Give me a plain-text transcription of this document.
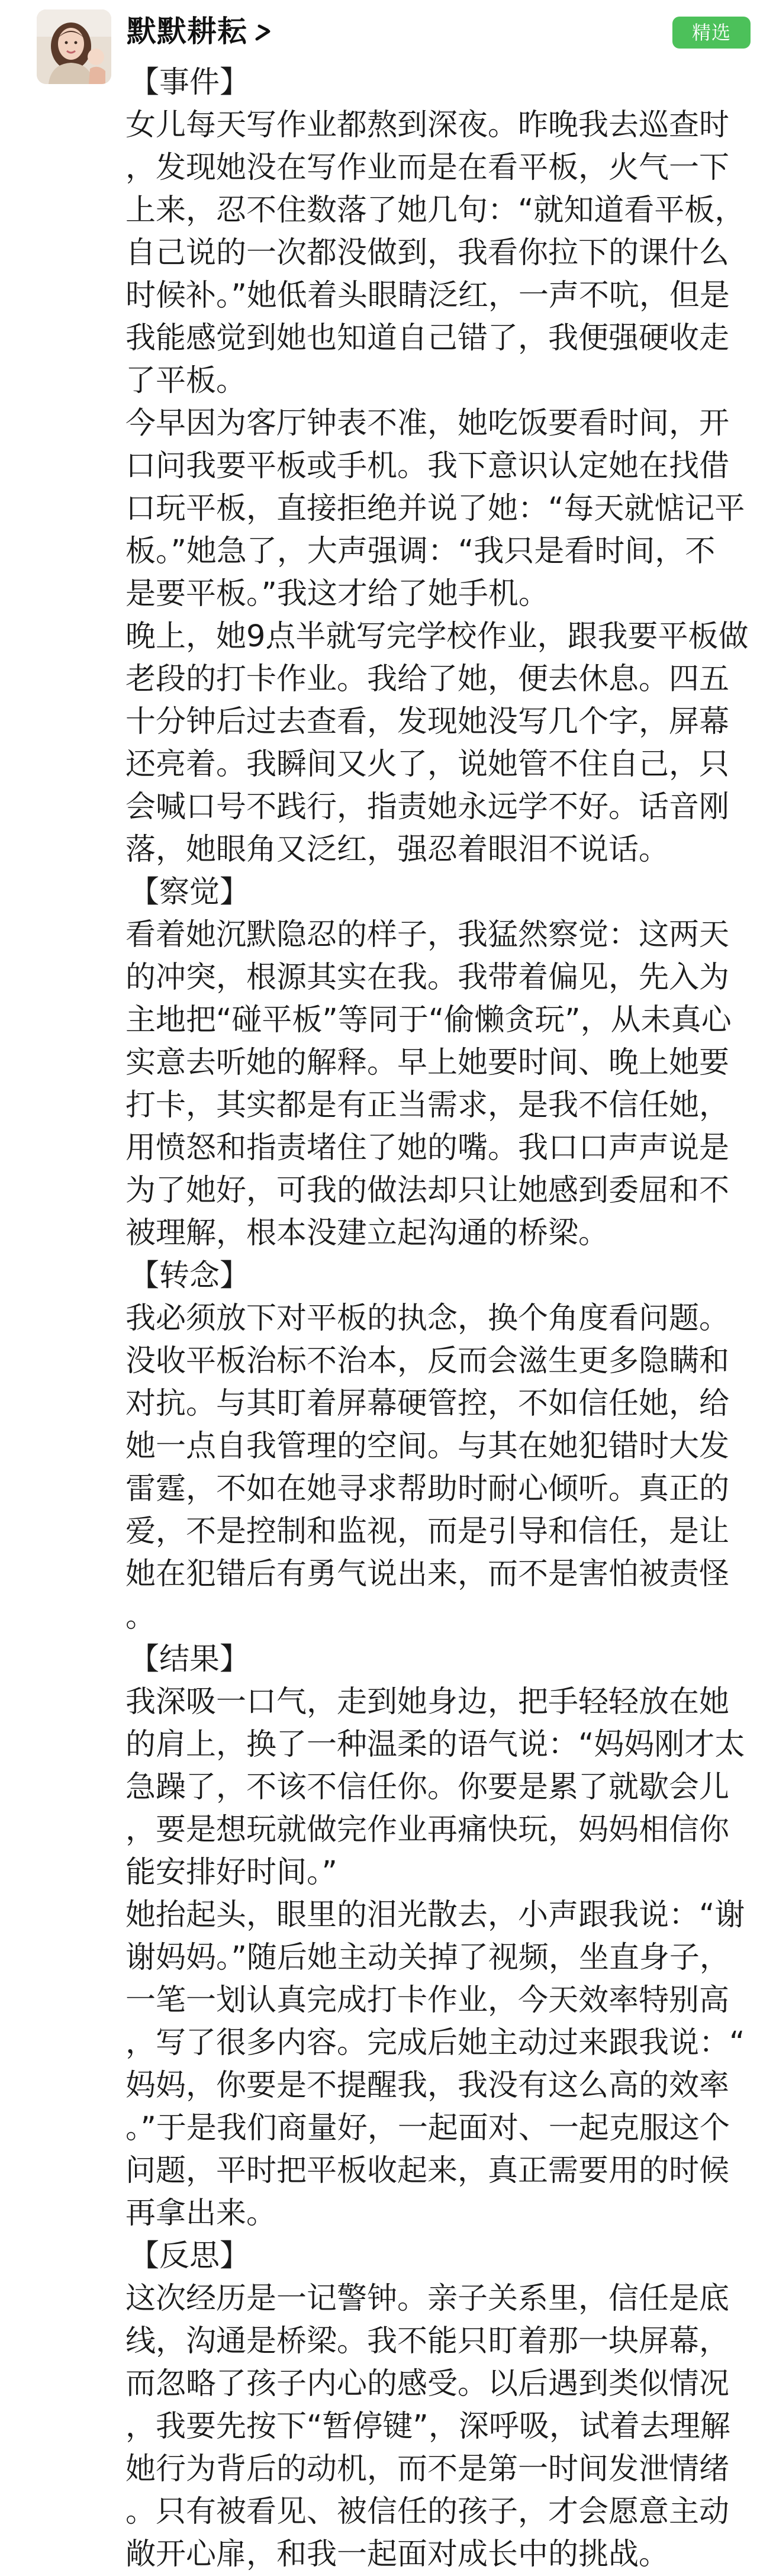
默默耕耘	精选
【事件】
女儿每天写作业都熬到深夜。昨晚我去巡查时
，发现她没在写作业而是在看平板，火气一下
上来，忍不住数落了她几句：“就知道看平板，
自己说的一次都没做到，我看你拉下的课什么
时候补。”她低着头眼睛泛红，一声不吭，但是
我能感觉到她也知道自己错了，我便强硬收走
了平板。
今早因为客厅钟表不准，她吃饭要看时间，开
口问我要平板或手机。我下意识认定她在找借
口玩平板，直接拒绝并说了她：“每天就惦记平
板。”她急了，大声强调：“我只是看时间，不
是要平板。”我这才给了她手机。
晚上，她9点半就写完学校作业，跟我要平板做
老段的打卡作业。我给了她，便去休息。四五
十分钟后过去查看，发现她没写几个字，屏幕
还亮着。我瞬间又火了，说她管不住自己，只
会喊口号不践行，指责她永远学不好。话音刚
落，她眼角又泛红，强忍着眼泪不说话。
【察觉】
看着她沉默隐忍的样子，我猛然察觉：这两天
的冲突，根源其实在我。我带着偏见，先入为
主地把“碰平板”等同于“偷懒贪玩”，从未真心
实意去听她的解释。早上她要时间、晚上她要
打卡，其实都是有正当需求，是我不信任她，
用愤怒和指责堵住了她的嘴。我口口声声说是
为了她好，可我的做法却只让她感到委屈和不
被理解，根本没建立起沟通的桥梁。
【转念】
我必须放下对平板的执念，换个角度看问题。
没收平板治标不治本，反而会滋生更多隐瞒和
对抗。与其盯着屏幕硬管控，不如信任她，给
她一点自我管理的空间。与其在她犯错时大发
雷霆，不如在她寻求帮助时耐心倾听。真正的
爱，不是控制和监视，而是引导和信任，是让
她在犯错后有勇气说出来，而不是害怕被责怪
。
【结果】
我深吸一口气，走到她身边，把手轻轻放在她
的肩上，换了一种温柔的语气说：“妈妈刚才太
急躁了，不该不信任你。你要是累了就歇会儿
，要是想玩就做完作业再痛快玩，妈妈相信你
能安排好时间。”
她抬起头，眼里的泪光散去，小声跟我说：“谢
谢妈妈。”随后她主动关掉了视频，坐直身子，
一笔一划认真完成打卡作业，今天效率特别高
，写了很多内容。完成后她主动过来跟我说：“
妈妈，你要是不提醒我，我没有这么高的效率
。”于是我们商量好，一起面对、一起克服这个
问题，平时把平板收起来，真正需要用的时候
再拿出来。
【反思】
这次经历是一记警钟。亲子关系里，信任是底
线，沟通是桥梁。我不能只盯着那一块屏幕，
而忽略了孩子内心的感受。以后遇到类似情况
，我要先按下“暂停键”，深呼吸，试着去理解
她行为背后的动机，而不是第一时间发泄情绪
。只有被看见、被信任的孩子，才会愿意主动
敞开心扉，和我一起面对成长中的挑战。
